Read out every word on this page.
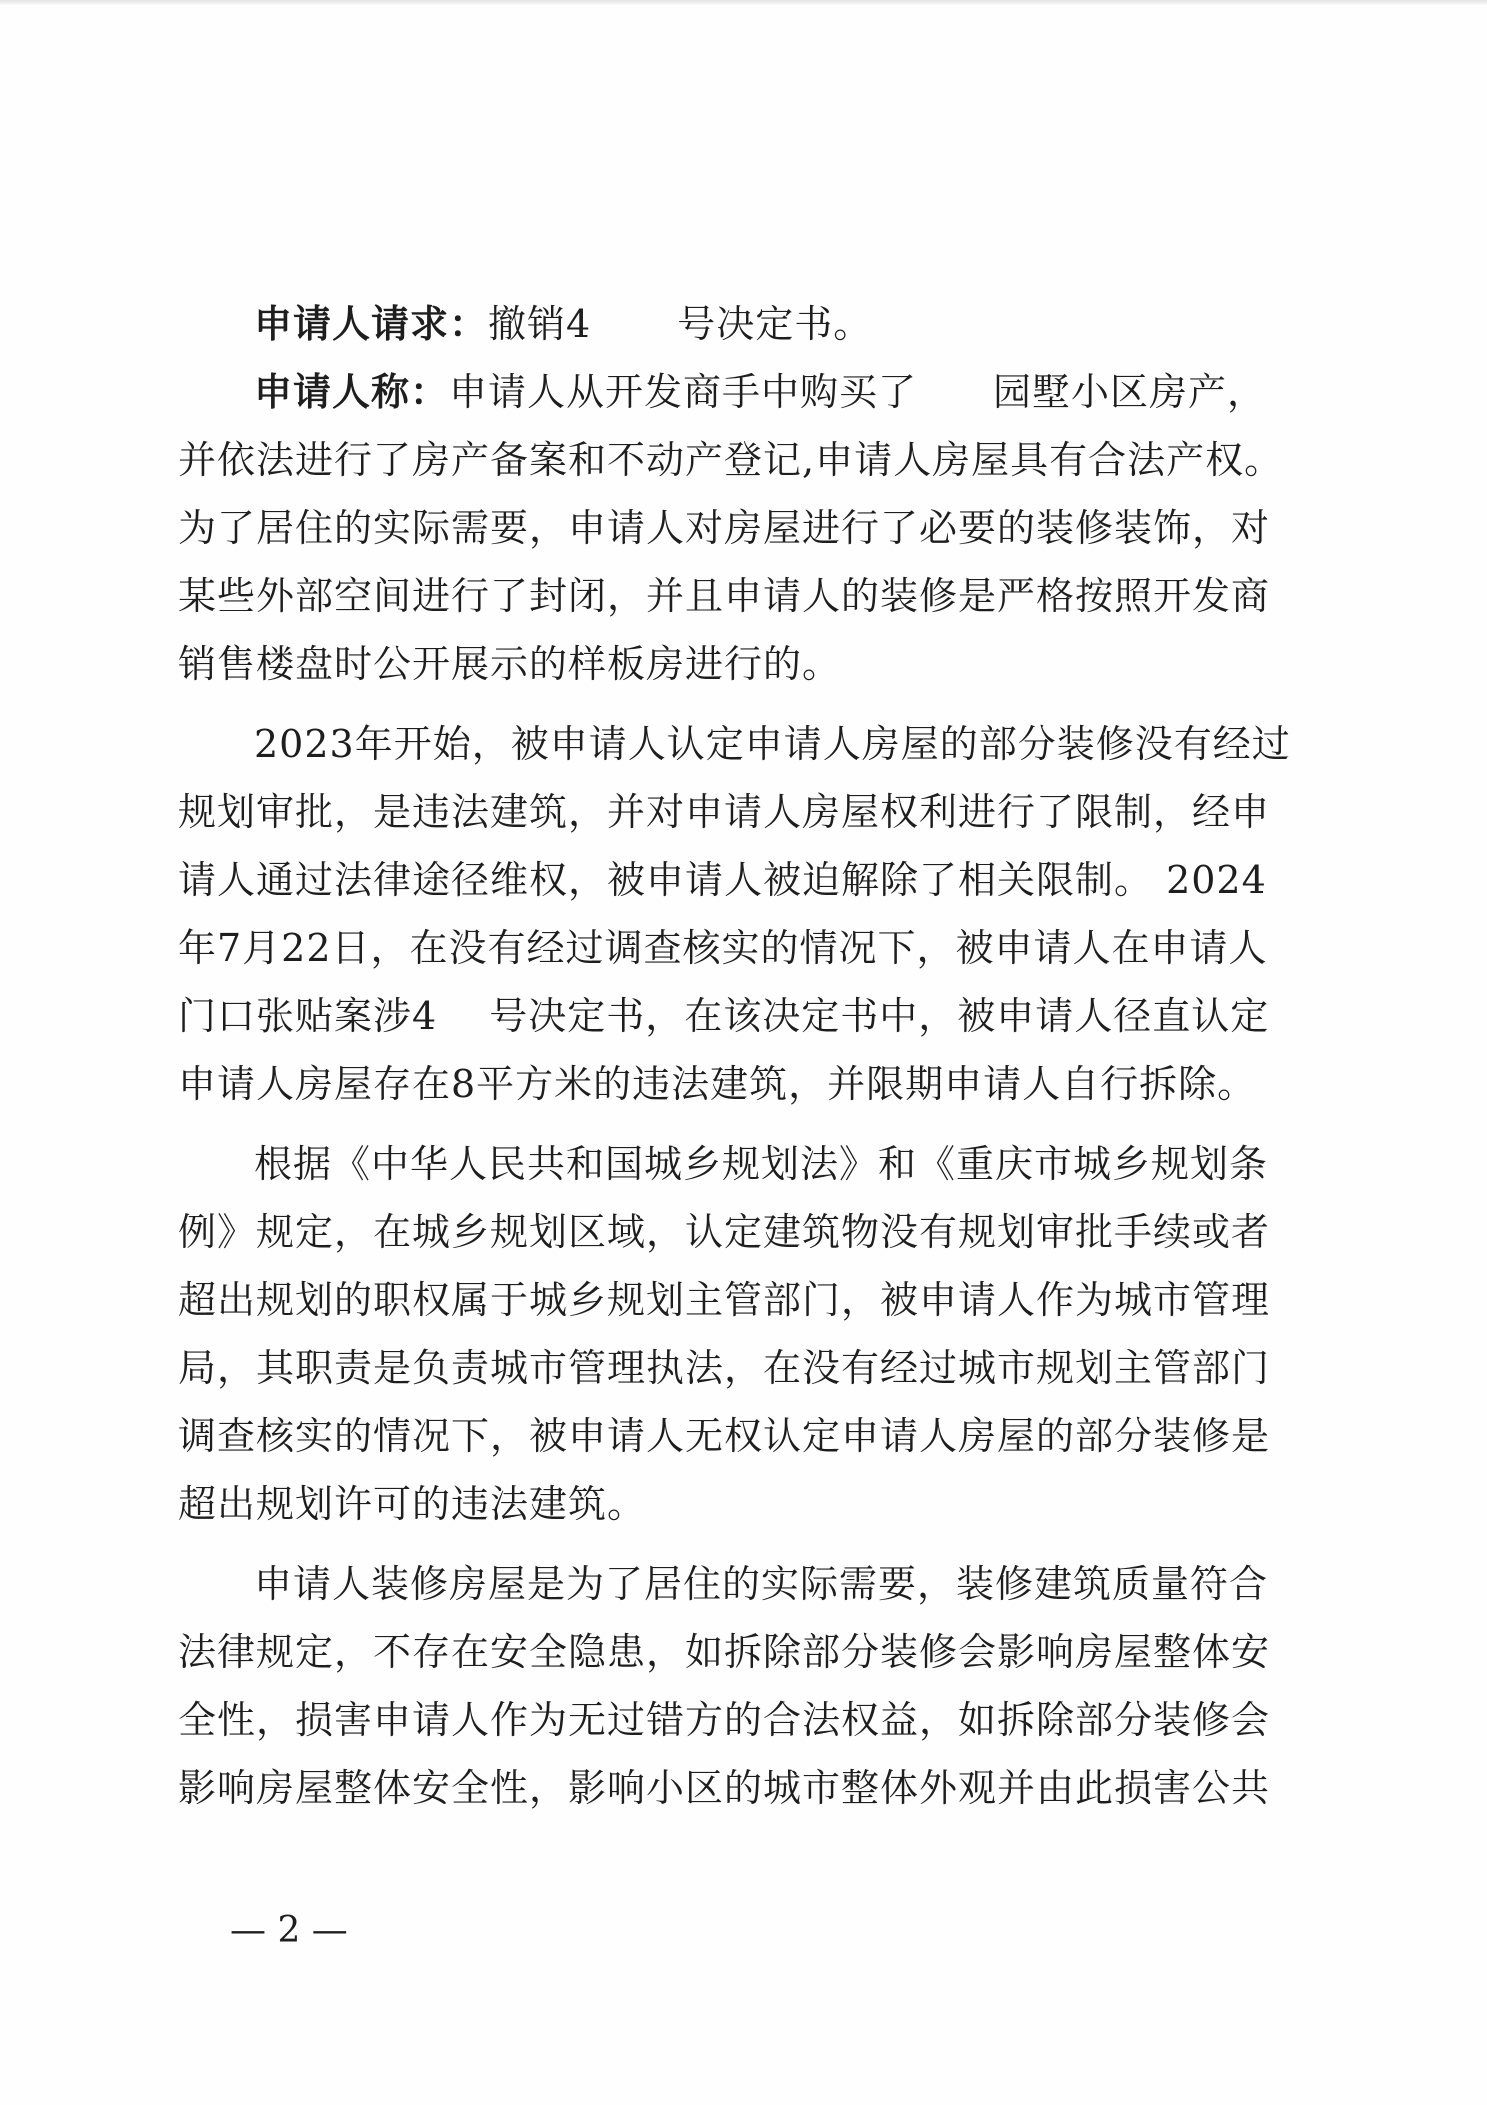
申请人请求：撤销4 号决定书。
申请人称：申请人从开发商手中购买了 园墅小区房产，
并依法进行了房产备案和不动产登记,申请人房屋具有合法产权。
为了居住的实际需要，申请人对房屋进行了必要的装修装饰，对
某些外部空间进行了封闭，并且申请人的装修是严格按照开发商
销售楼盘时公开展示的样板房进行的。
2023年开始，被申请人认定申请人房屋的部分装修没有经过
规划审批，是违法建筑，并对申请人房屋权利进行了限制，经申
请人通过法律途径维权，被申请人被迫解除了相关限制。 2024
年7月22日，在没有经过调查核实的情况下，被申请人在申请人
门口张贴案涉4 号决定书，在该决定书中，被申请人径直认定
申请人房屋存在8平方米的违法建筑，并限期申请人自行拆除。
根据《中华人民共和国城乡规划法》和《重庆市城乡规划条
例》规定，在城乡规划区域，认定建筑物没有规划审批手续或者
超出规划的职权属于城乡规划主管部门，被申请人作为城市管理
局，其职责是负责城市管理执法，在没有经过城市规划主管部门
调查核实的情况下，被申请人无权认定申请人房屋的部分装修是
超出规划许可的违法建筑。
申请人装修房屋是为了居住的实际需要，装修建筑质量符合
法律规定，不存在安全隐患，如拆除部分装修会影响房屋整体安
全性，损害申请人作为无过错方的合法权益，如拆除部分装修会
影响房屋整体安全性，影响小区的城市整体外观并由此损害公共
— 2 —
